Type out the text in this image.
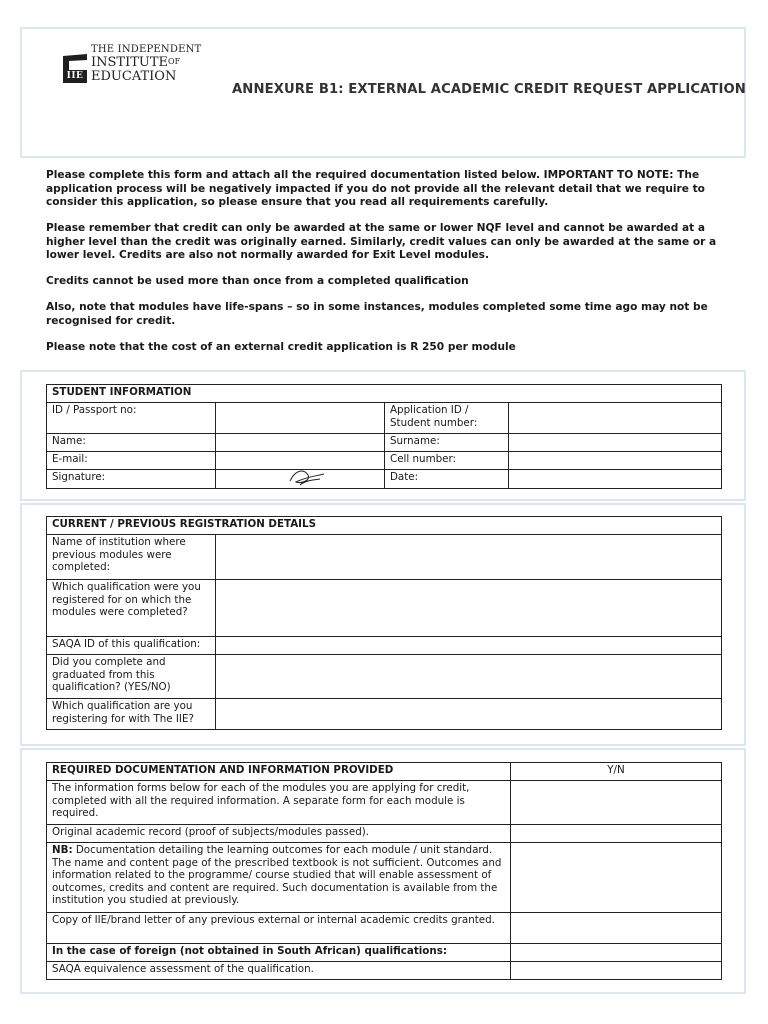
IIE
THE INDEPENDENT
INSTITUTEOF
EDUCATION
ANNEXURE B1: EXTERNAL ACADEMIC CREDIT REQUEST APPLICATION
Please complete this form and attach all the required documentation listed below. IMPORTANT TO NOTE: The application process will be negatively impacted if you do not provide all the relevant detail that we require to consider this application, so please ensure that you read all requirements carefully.
Please remember that credit can only be awarded at the same or lower NQF level and cannot be awarded at a higher level than the credit was originally earned. Similarly, credit values can only be awarded at the same or a lower level. Credits are also not normally awarded for Exit Level modules.
Credits cannot be used more than once from a completed qualification
Also, note that modules have life-spans – so in some instances, modules completed some time ago may not be recognised for credit.
Please note that the cost of an external credit application is R 250 per module
STUDENT INFORMATION			
ID / Passport no:		Application ID / Student number:	
Name:		Surname:	
E-mail:		Cell number:	
Signature:		Date:	
CURRENT / PREVIOUS REGISTRATION DETAILS	
Name of institution where previous modules were completed:	
Which qualification were you registered for on which the modules were completed?	
SAQA ID of this qualification:	
Did you complete and graduated from this qualification? (YES/NO)	
Which qualification are you registering for with The IIE?	
REQUIRED DOCUMENTATION AND INFORMATION PROVIDED	Y/N
The information forms below for each of the modules you are applying for credit, completed with all the required information. A separate form for each module is required.	
Original academic record (proof of subjects/modules passed).	
NB: Documentation detailing the learning outcomes for each module / unit standard. The name and content page of the prescribed textbook is not sufficient. Outcomes and information related to the programme/ course studied that will enable assessment of outcomes, credits and content are required. Such documentation is available from the institution you studied at previously.	
Copy of IIE/brand letter of any previous external or internal academic credits granted.	
In the case of foreign (not obtained in South African) qualifications:	
SAQA equivalence assessment of the qualification.	
